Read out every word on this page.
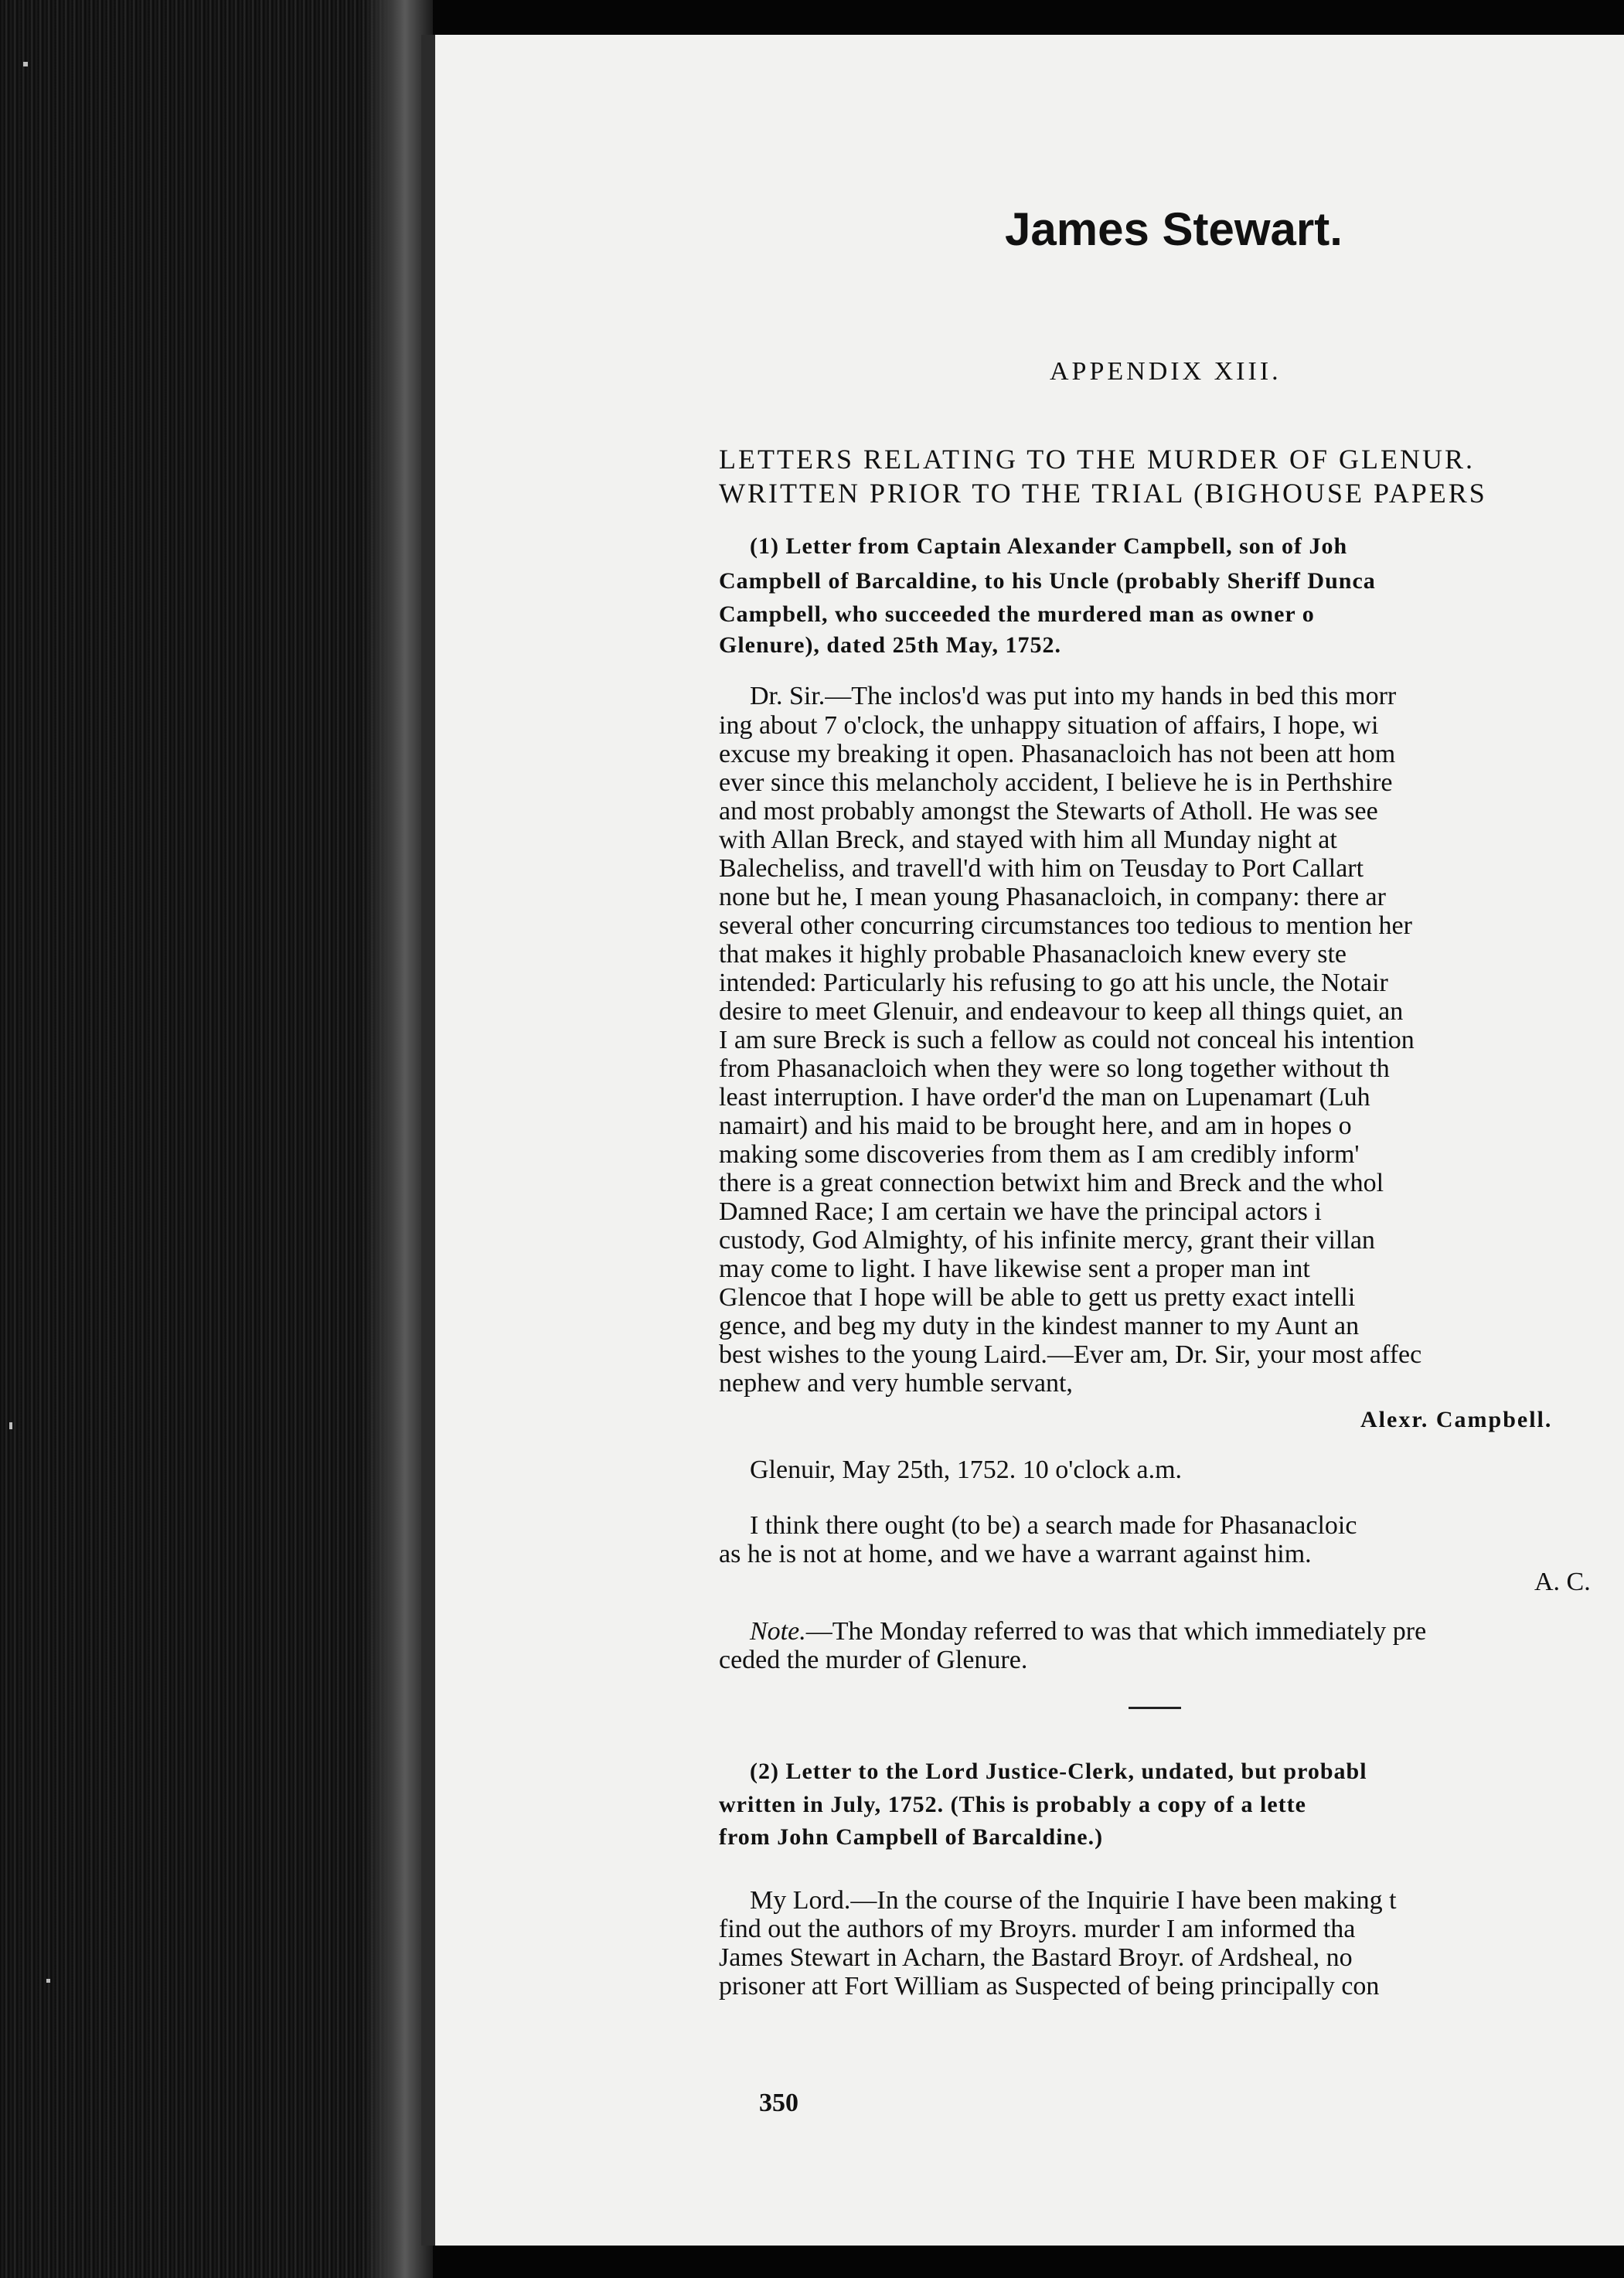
James Stewart.
APPENDIX XIII.
LETTERS RELATING TO THE MURDER OF GLENUR.
WRITTEN PRIOR TO THE TRIAL (BIGHOUSE PAPERS
(1) Letter from Captain Alexander Campbell, son of Joh
Campbell of Barcaldine, to his Uncle (probably Sheriff Dunca
Campbell, who succeeded the murdered man as owner o
Glenure), dated 25th May, 1752.
Dr. Sir.—The inclos'd was put into my hands in bed this morr
ing about 7 o'clock, the unhappy situation of affairs, I hope, wi
excuse my breaking it open. Phasanacloich has not been att hom
ever since this melancholy accident, I believe he is in Perthshire
and most probably amongst the Stewarts of Atholl. He was see
with Allan Breck, and stayed with him all Munday night at
Balecheliss, and travell'd with him on Teusday to Port Callart
none but he, I mean young Phasanacloich, in company: there ar
several other concurring circumstances too tedious to mention her
that makes it highly probable Phasanacloich knew every ste
intended: Particularly his refusing to go att his uncle, the Notair
desire to meet Glenuir, and endeavour to keep all things quiet, an
I am sure Breck is such a fellow as could not conceal his intention
from Phasanacloich when they were so long together without th
least interruption. I have order'd the man on Lupenamart (Luh
namairt) and his maid to be brought here, and am in hopes o
making some discoveries from them as I am credibly inform'
there is a great connection betwixt him and Breck and the whol
Damned Race; I am certain we have the principal actors i
custody, God Almighty, of his infinite mercy, grant their villan
may come to light. I have likewise sent a proper man int
Glencoe that I hope will be able to gett us pretty exact intelli
gence, and beg my duty in the kindest manner to my Aunt an
best wishes to the young Laird.—Ever am, Dr. Sir, your most affec
nephew and very humble servant,
Alexr. Campbell.
Glenuir, May 25th, 1752. 10 o'clock a.m.
I think there ought (to be) a search made for Phasanacloic
as he is not at home, and we have a warrant against him.
A. C.
Note.—The Monday referred to was that which immediately pre
ceded the murder of Glenure.
(2) Letter to the Lord Justice-Clerk, undated, but probabl
written in July, 1752. (This is probably a copy of a lette
from John Campbell of Barcaldine.)
My Lord.—In the course of the Inquirie I have been making t
find out the authors of my Broyrs. murder I am informed tha
James Stewart in Acharn, the Bastard Broyr. of Ardsheal, no
prisoner att Fort William as Suspected of being principally con
350
